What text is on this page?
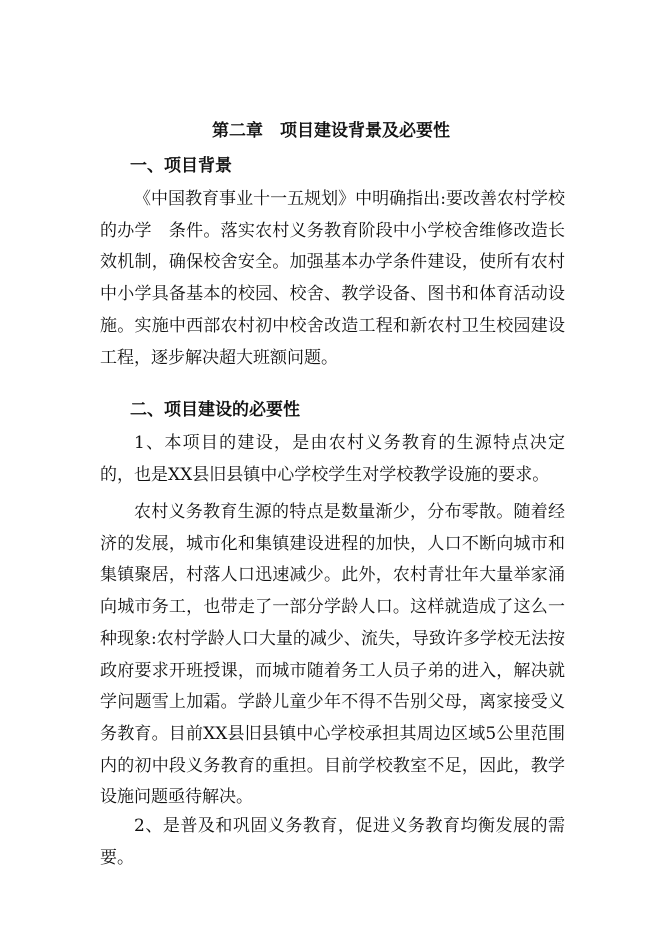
第二章　项目建设背景及必要性
一、项目背景

《中国教育事业十一五规划》中明确指出:要改善农村学校的办学　条件。落实农村义务教育阶段中小学校舍维修改造长效机制，确保校舍安全。加强基本办学条件建设，使所有农村中小学具备基本的校园、校舍、教学设备、图书和体育活动设施。实施中西部农村初中校舍改造工程和新农村卫生校园建设工程，逐步解决超大班额问题。

二、项目建设的必要性

1、本项目的建设，是由农村义务教育的生源特点决定的，也是XX县旧县镇中心学校学生对学校教学设施的要求。

农村义务教育生源的特点是数量渐少，分布零散。随着经济的发展，城市化和集镇建设进程的加快，人口不断向城市和集镇聚居，村落人口迅速减少。此外，农村青壮年大量举家涌向城市务工，也带走了一部分学龄人口。这样就造成了这么一种现象:农村学龄人口大量的减少、流失，导致许多学校无法按政府要求开班授课，而城市随着务工人员子弟的进入，解决就学问题雪上加霜。学龄儿童少年不得不告别父母，离家接受义务教育。目前XX县旧县镇中心学校承担其周边区域5公里范围内的初中段义务教育的重担。目前学校教室不足，因此，教学设施问题亟待解决。

2、是普及和巩固义务教育，促进义务教育均衡发展的需要。
